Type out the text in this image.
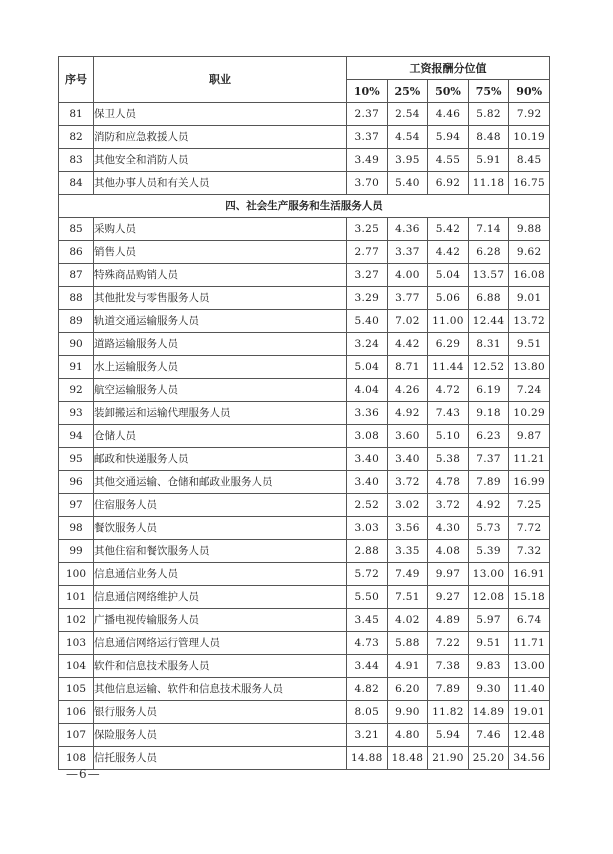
序号	职业	工资报酬分位值				
		10%	25%	50%	75%	90%
81	保卫人员	2.37	2.54	4.46	5.82	7.92
82	消防和应急救援人员	3.37	4.54	5.94	8.48	10.19
83	其他安全和消防人员	3.49	3.95	4.55	5.91	8.45
84	其他办事人员和有关人员	3.70	5.40	6.92	11.18	16.75
四、社会生产服务和生活服务人员						
85	采购人员	3.25	4.36	5.42	7.14	9.88
86	销售人员	2.77	3.37	4.42	6.28	9.62
87	特殊商品购销人员	3.27	4.00	5.04	13.57	16.08
88	其他批发与零售服务人员	3.29	3.77	5.06	6.88	9.01
89	轨道交通运输服务人员	5.40	7.02	11.00	12.44	13.72
90	道路运输服务人员	3.24	4.42	6.29	8.31	9.51
91	水上运输服务人员	5.04	8.71	11.44	12.52	13.80
92	航空运输服务人员	4.04	4.26	4.72	6.19	7.24
93	装卸搬运和运输代理服务人员	3.36	4.92	7.43	9.18	10.29
94	仓储人员	3.08	3.60	5.10	6.23	9.87
95	邮政和快递服务人员	3.40	3.40	5.38	7.37	11.21
96	其他交通运输、仓储和邮政业服务人员	3.40	3.72	4.78	7.89	16.99
97	住宿服务人员	2.52	3.02	3.72	4.92	7.25
98	餐饮服务人员	3.03	3.56	4.30	5.73	7.72
99	其他住宿和餐饮服务人员	2.88	3.35	4.08	5.39	7.32
100	信息通信业务人员	5.72	7.49	9.97	13.00	16.91
101	信息通信网络维护人员	5.50	7.51	9.27	12.08	15.18
102	广播电视传输服务人员	3.45	4.02	4.89	5.97	6.74
103	信息通信网络运行管理人员	4.73	5.88	7.22	9.51	11.71
104	软件和信息技术服务人员	3.44	4.91	7.38	9.83	13.00
105	其他信息运输、软件和信息技术服务人员	4.82	6.20	7.89	9.30	11.40
106	银行服务人员	8.05	9.90	11.82	14.89	19.01
107	保险服务人员	3.21	4.80	5.94	7.46	12.48
108	信托服务人员	14.88	18.48	21.90	25.20	34.56
—6—
